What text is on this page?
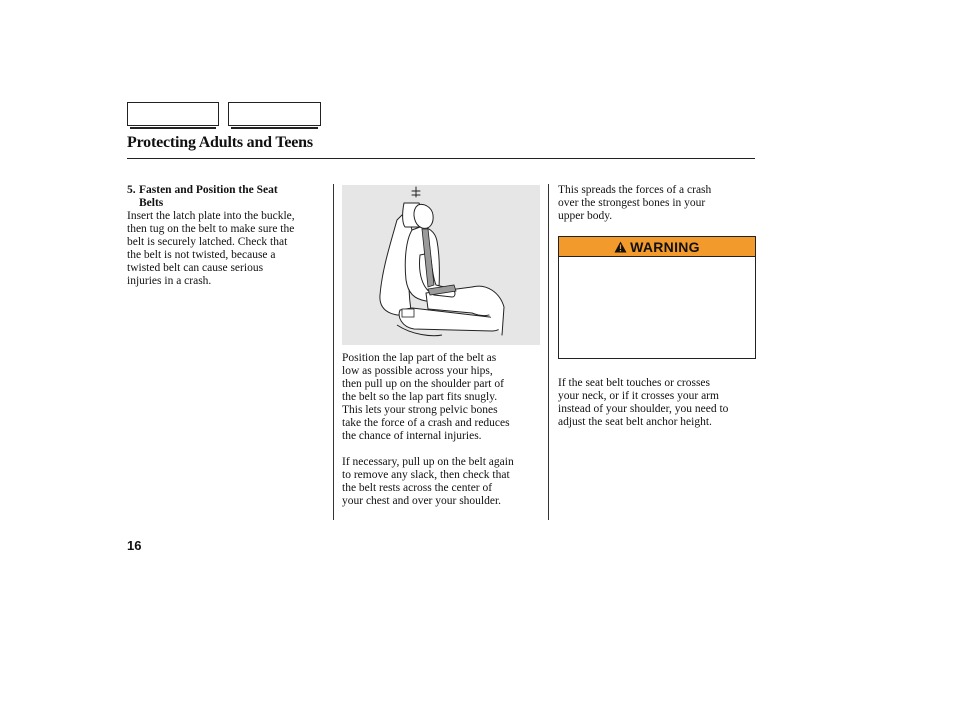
Protecting Adults and Teens
5. Fasten and Position the Seat
Belts
Insert the latch plate into the buckle,
then tug on the belt to make sure the
belt is securely latched. Check that
the belt is not twisted, because a
twisted belt can cause serious
injuries in a crash.
Position the lap part of the belt as
low as possible across your hips,
then pull up on the shoulder part of
the belt so the lap part fits snugly.
This lets your strong pelvic bones
take the force of a crash and reduces
the chance of internal injuries.
If necessary, pull up on the belt again
to remove any slack, then check that
the belt rests across the center of
your chest and over your shoulder.
This spreads the forces of a crash
over the strongest bones in your
upper body.
WARNING
If the seat belt touches or crosses
your neck, or if it crosses your arm
instead of your shoulder, you need to
adjust the seat belt anchor height.
16
